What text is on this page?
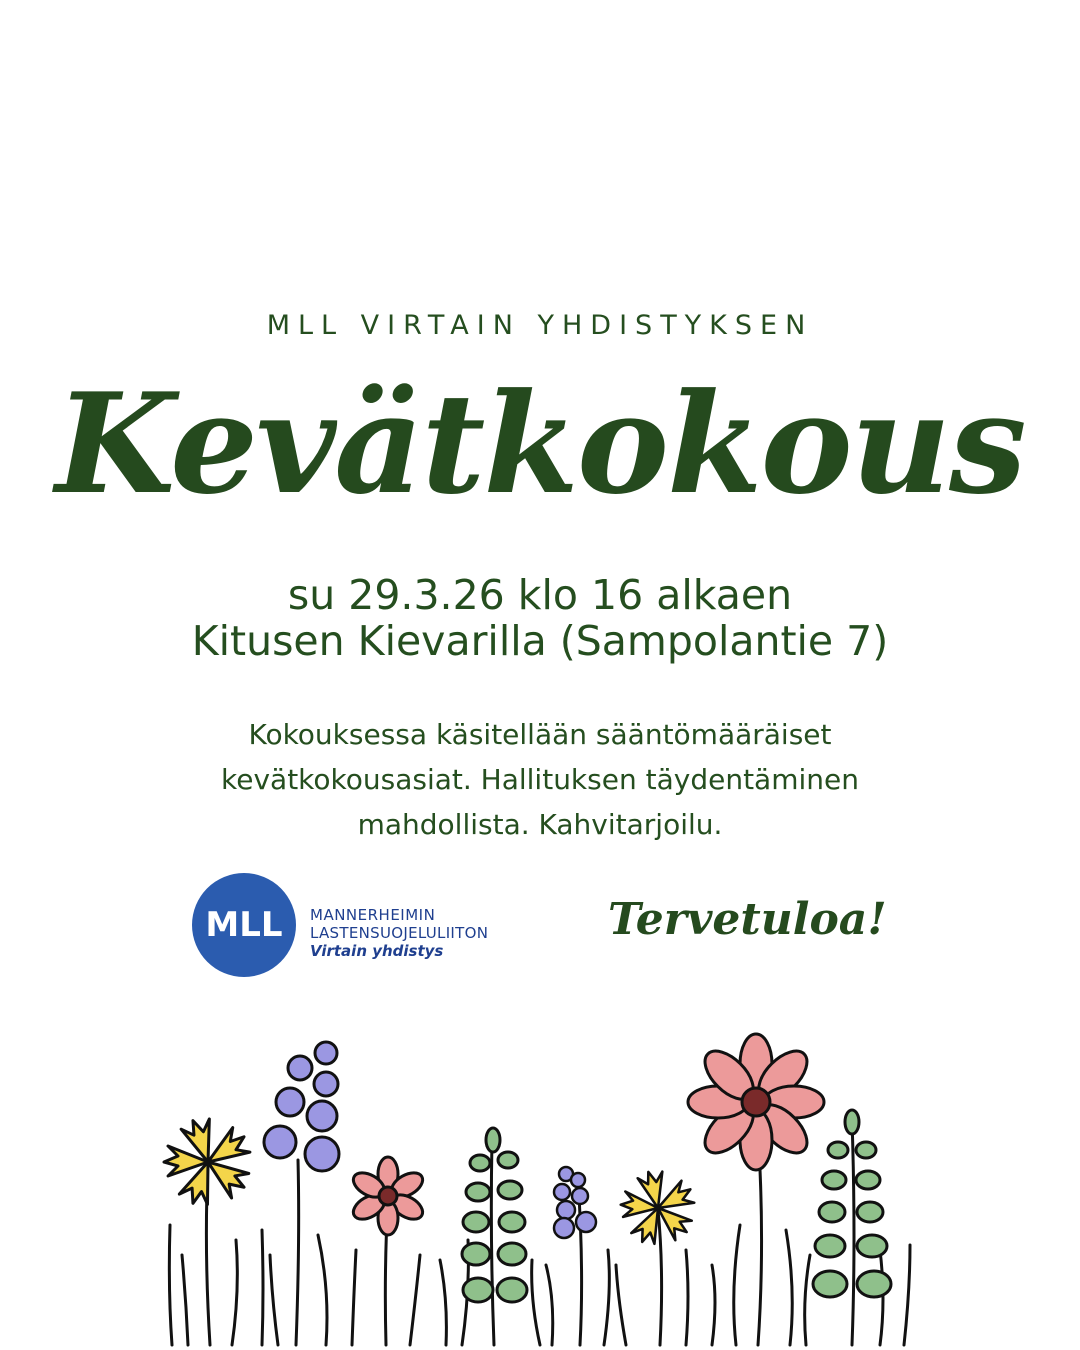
MLL VIRTAIN YHDISTYKSEN
Kevätkokous
su 29.3.26 klo 16 alkaen
Kitusen Kievarilla (Sampolantie 7)
Kokouksessa käsitellään sääntömääräiset
kevätkokousasiat. Hallituksen täydentäminen
mahdollista. Kahvitarjoilu.
MLL	MANNERHEIMIN
LASTENSUOJELULIITON
Virtain yhdistys
Tervetuloa!
